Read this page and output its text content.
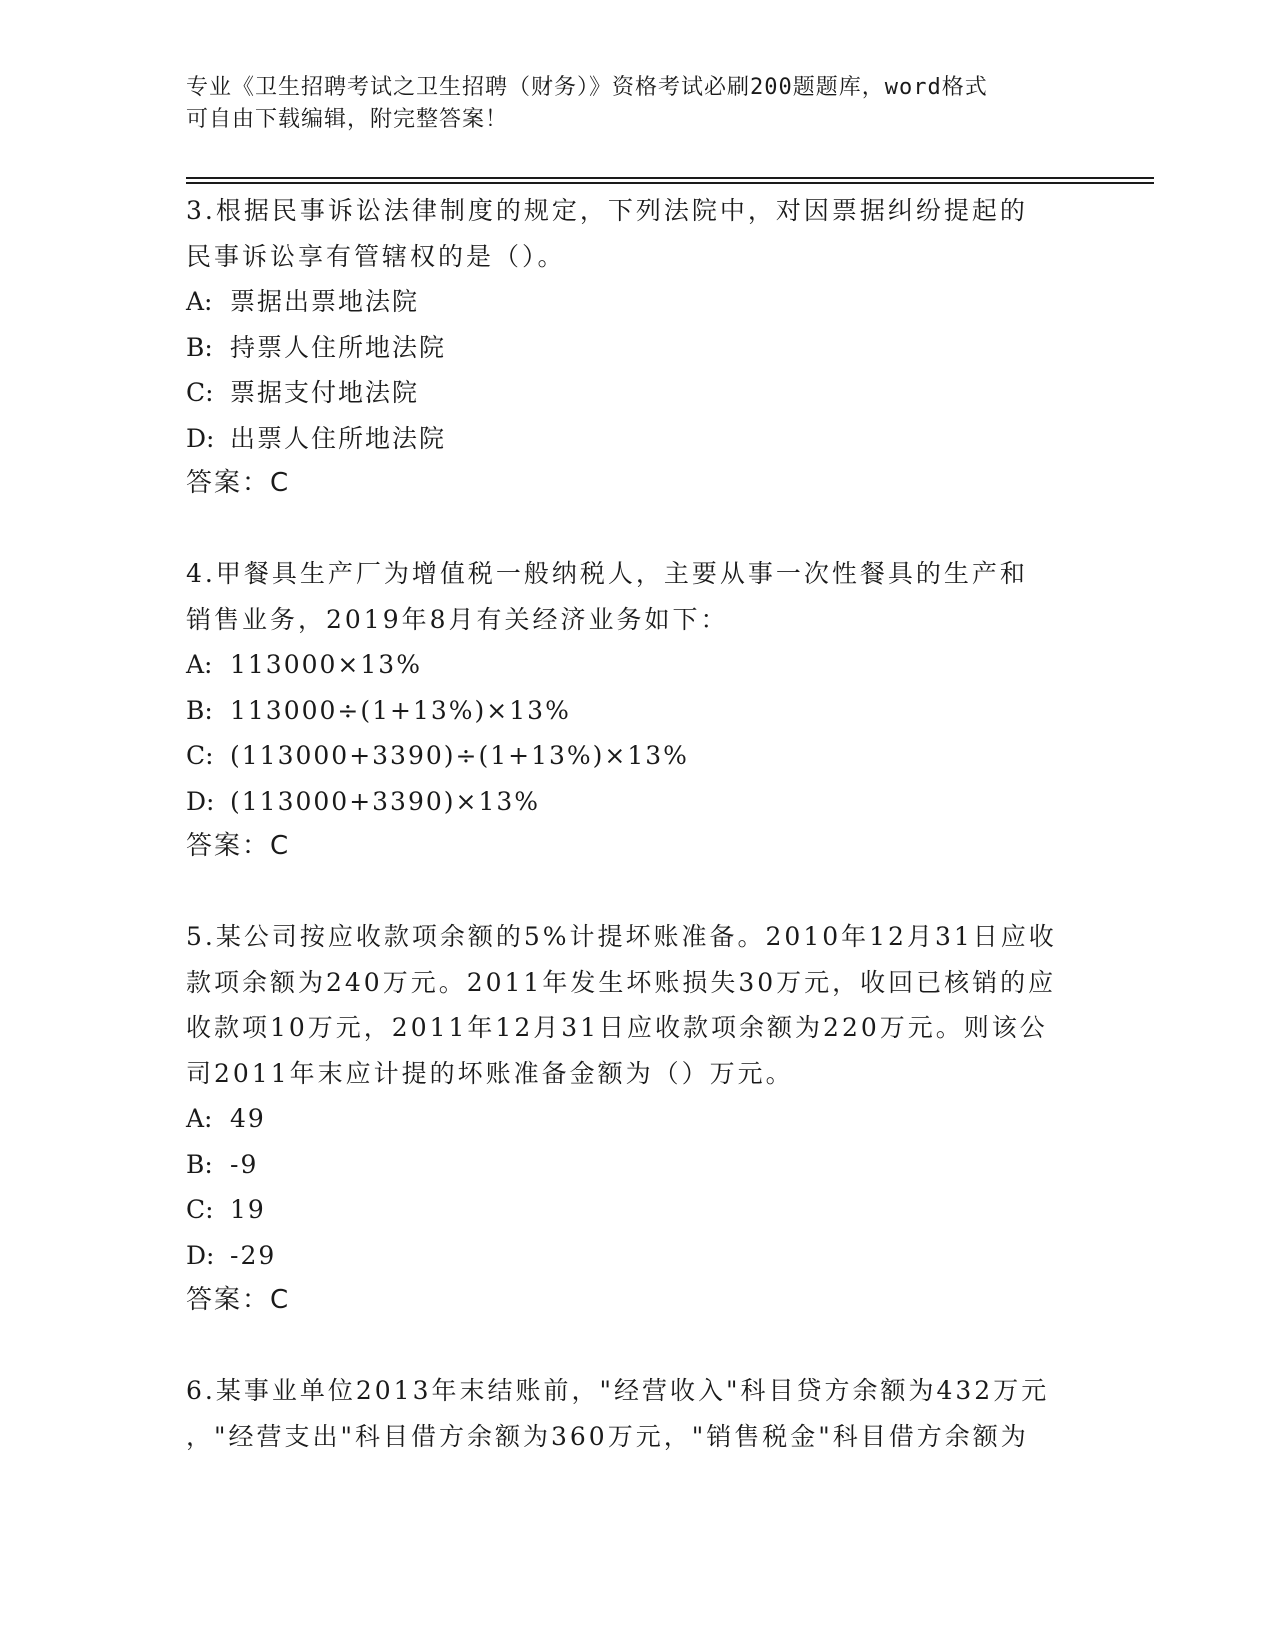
专业《卫生招聘考试之卫生招聘（财务）》资格考试必刷200题题库，word格式
可自由下载编辑，附完整答案！
3.根据民事诉讼法律制度的规定，下列法院中，对因票据纠纷提起的
民事诉讼享有管辖权的是（）。
A: 票据出票地法院
B: 持票人住所地法院
C: 票据支付地法院
D: 出票人住所地法院
答案：C
4.甲餐具生产厂为增值税一般纳税人，主要从事一次性餐具的生产和
销售业务，2019年8月有关经济业务如下：
A: 113000×13%
B: 113000÷(1+13%)×13%
C: (113000+3390)÷(1+13%)×13%
D: (113000+3390)×13%
答案：C
5.某公司按应收款项余额的5%计提坏账准备。2010年12月31日应收
款项余额为240万元。2011年发生坏账损失30万元，收回已核销的应
收款项10万元，2011年12月31日应收款项余额为220万元。则该公
司2011年末应计提的坏账准备金额为（）万元。
A: 49
B: -9
C: 19
D: -29
答案：C
6.某事业单位2013年末结账前，"经营收入"科目贷方余额为432万元
，"经营支出"科目借方余额为360万元，"销售税金"科目借方余额为
